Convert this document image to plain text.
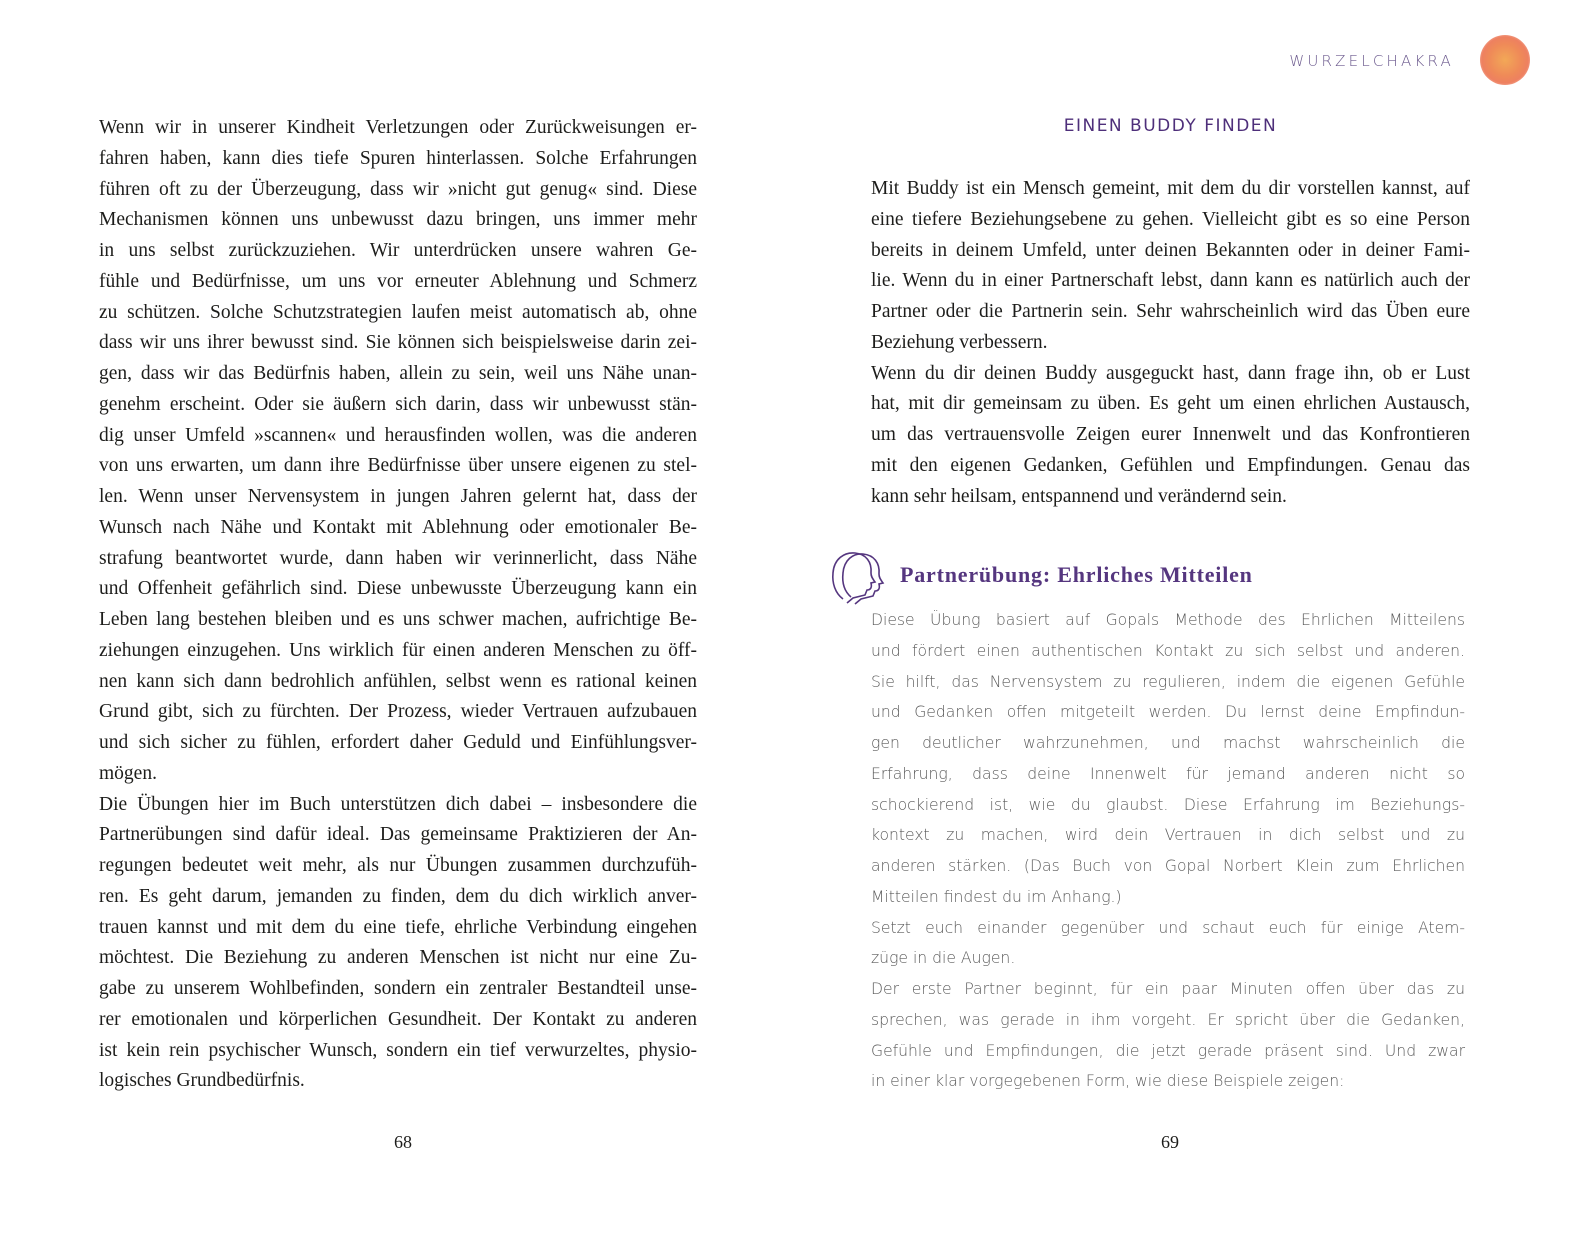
WURZELCHAKRA
Wenn wir in unserer Kindheit Verletzungen oder Zurückweisungen er-
fahren haben, kann dies tiefe Spuren hinterlassen. Solche Erfahrungen
führen oft zu der Überzeugung, dass wir »nicht gut genug« sind. Diese
Mechanismen können uns unbewusst dazu bringen, uns immer mehr
in uns selbst zurückzuziehen. Wir unterdrücken unsere wahren Ge-
fühle und Bedürfnisse, um uns vor erneuter Ablehnung und Schmerz
zu schützen. Solche Schutzstrategien laufen meist automatisch ab, ohne
dass wir uns ihrer bewusst sind. Sie können sich beispielsweise darin zei-
gen, dass wir das Bedürfnis haben, allein zu sein, weil uns Nähe unan-
genehm erscheint. Oder sie äußern sich darin, dass wir unbewusst stän-
dig unser Umfeld »scannen« und herausfinden wollen, was die anderen
von uns erwarten, um dann ihre Bedürfnisse über unsere eigenen zu stel-
len. Wenn unser Nervensystem in jungen Jahren gelernt hat, dass der
Wunsch nach Nähe und Kontakt mit Ablehnung oder emotionaler Be-
strafung beantwortet wurde, dann haben wir verinnerlicht, dass Nähe
und Offenheit gefährlich sind. Diese unbewusste Überzeugung kann ein
Leben lang bestehen bleiben und es uns schwer machen, aufrichtige Be-
ziehungen einzugehen. Uns wirklich für einen anderen Menschen zu öff-
nen kann sich dann bedrohlich anfühlen, selbst wenn es rational keinen
Grund gibt, sich zu fürchten. Der Prozess, wieder Vertrauen aufzubauen
und sich sicher zu fühlen, erfordert daher Geduld und Einfühlungsver-
mögen.
Die Übungen hier im Buch unterstützen dich dabei – insbesondere die
Partnerübungen sind dafür ideal. Das gemeinsame Praktizieren der An-
regungen bedeutet weit mehr, als nur Übungen zusammen durchzufüh-
ren. Es geht darum, jemanden zu finden, dem du dich wirklich anver-
trauen kannst und mit dem du eine tiefe, ehrliche Verbindung eingehen
möchtest. Die Beziehung zu anderen Menschen ist nicht nur eine Zu-
gabe zu unserem Wohlbefinden, sondern ein zentraler Bestandteil unse-
rer emotionalen und körperlichen Gesundheit. Der Kontakt zu anderen
ist kein rein psychischer Wunsch, sondern ein tief verwurzeltes, physio-
logisches Grundbedürfnis.
EINEN BUDDY FINDEN
Mit Buddy ist ein Mensch gemeint, mit dem du dir vorstellen kannst, auf
eine tiefere Beziehungsebene zu gehen. Vielleicht gibt es so eine Person
bereits in deinem Umfeld, unter deinen Bekannten oder in deiner Fami-
lie. Wenn du in einer Partnerschaft lebst, dann kann es natürlich auch der
Partner oder die Partnerin sein. Sehr wahrscheinlich wird das Üben eure
Beziehung verbessern.
Wenn du dir deinen Buddy ausgeguckt hast, dann frage ihn, ob er Lust
hat, mit dir gemeinsam zu üben. Es geht um einen ehrlichen Austausch,
um das vertrauensvolle Zeigen eurer Innenwelt und das Konfrontieren
mit den eigenen Gedanken, Gefühlen und Empfindungen. Genau das
kann sehr heilsam, entspannend und verändernd sein.
Partnerübung: Ehrliches Mitteilen
Diese Übung basiert auf Gopals Methode des Ehrlichen Mitteilens
und fördert einen authentischen Kontakt zu sich selbst und anderen.
Sie hilft, das Nervensystem zu regulieren, indem die eigenen Gefühle
und Gedanken offen mitgeteilt werden. Du lernst deine Empfindun-
gen deutlicher wahrzunehmen, und machst wahrscheinlich die
Erfahrung, dass deine Innenwelt für jemand anderen nicht so
schockierend ist, wie du glaubst. Diese Erfahrung im Beziehungs-
kontext zu machen, wird dein Vertrauen in dich selbst und zu
anderen stärken. (Das Buch von Gopal Norbert Klein zum Ehrlichen
Mitteilen findest du im Anhang.)
Setzt euch einander gegenüber und schaut euch für einige Atem-
züge in die Augen.
Der erste Partner beginnt, für ein paar Minuten offen über das zu
sprechen, was gerade in ihm vorgeht. Er spricht über die Gedanken,
Gefühle und Empfindungen, die jetzt gerade präsent sind. Und zwar
in einer klar vorgegebenen Form, wie diese Beispiele zeigen:
68	69
